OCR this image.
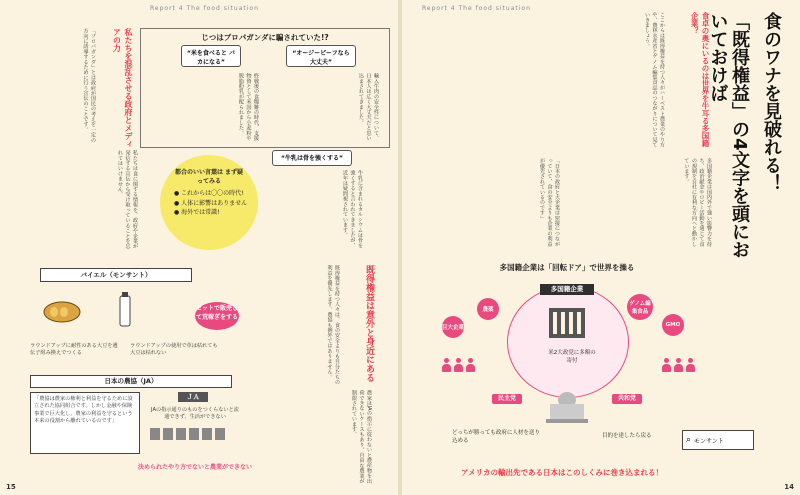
Report 4 The food situation
じつはプロパガンダに騙されていた!?
“米を食べると バカになる”
“オージービーフなら 大丈夫”
終戦後の食糧難の時代、支援物資として米国から小麦粉や脱脂粉乳が配られました。	輸入牛肉の安全性について、日本人は広く大丈夫だと思い込まされてきました。
私たちを混乱させる政府とメディアの力
「プロパガンダ」とは政府が国民の考えを一定の方向に誘導するために行う宣伝のことです。
私たちは食に関する情報を、政府や企業が発信する宣伝から受け取っていることを忘れてはいけません。	都合のいい言葉は まず疑ってみる
● これからは〇〇の時代!
● 人体に影響はありません
● 海外では常識!
“牛乳は骨を強くする”
牛乳に含まれるカルシウムは骨を強くすると言われてきましたが、近年は疑問視されています。
バイエル（モンサント）
セットで販売して荒稼ぎをする
ラウンドアップに耐性のある大豆を遺伝子組み換えでつくる
ラウンドアップの使用で草は枯れても大豆は枯れない
日本の農協（JA）
「農協は農家の権利と利益を守るために設立された協同組合です。しかし金融や保険事業で巨大化し、農家の利益を守るという本来の役割から離れているのです」
ＪＡ
JAの指示通りのものをつくらないと流通できず、生活ができない
決められたやり方でないと農業ができない
既得権益は意外と身近にある
既得権益を持つ人々は、食の安全よりも自分たちの利益を優先します。農協も例外ではありません。
農家はJAの指示に従わないと農産物を出荷できないケースもあり、自由な農業が制限されています。
15
Report 4 The food situation
「既得権益」の4文字を頭においておけば	食のワナを見破れる！
食卓の奥にいるのは世界を牛耳る多国籍企業？
ここからは既得権益を持つ人々がハーベスト農業のやり方や、農林水産省とゲノム編集食品のつながりについて見ていきましょう。
「日本の政府と大企業は密接につながっていて、食の安全よりも企業の利益が優先されているのです」	多国籍企業は国内外で強い影響力を持ち、政治献金やロビー活動を通じて食の規制を自社に有利な方向へと動かしています。
多国籍企業は「回転ドア」で世界を操る
多国籍企業
巨大企業
農薬
ゲノム編集食品
GMO
米2大政党に多額の寄付
民主党	共和党
どっちが勝っても政府に人材を送り込める
目的を達したら戻る
アメリカの輸出先である日本はこのしくみに巻き込まれる！
⌕ モンサント
14
